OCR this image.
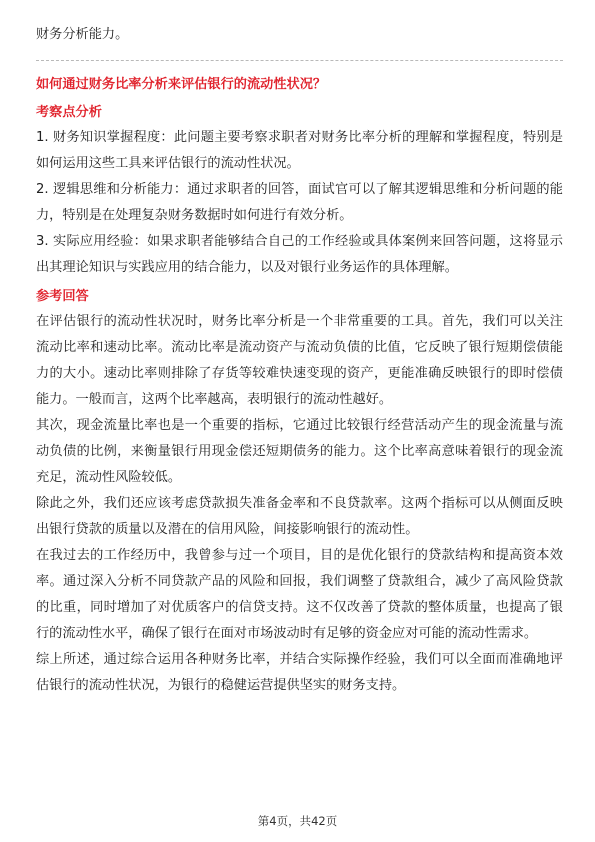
财务分析能力。

如何通过财务比率分析来评估银行的流动性状况？

考察点分析

1. 财务知识掌握程度：此问题主要考察求职者对财务比率分析的理解和掌握程度，特别是如何运用这些工具来评估银行的流动性状况。

2. 逻辑思维和分析能力：通过求职者的回答，面试官可以了解其逻辑思维和分析问题的能力，特别是在处理复杂财务数据时如何进行有效分析。

3. 实际应用经验：如果求职者能够结合自己的工作经验或具体案例来回答问题，这将显示出其理论知识与实践应用的结合能力，以及对银行业务运作的具体理解。

参考回答

在评估银行的流动性状况时，财务比率分析是一个非常重要的工具。首先，我们可以关注流动比率和速动比率。流动比率是流动资产与流动负债的比值，它反映了银行短期偿债能力的大小。速动比率则排除了存货等较难快速变现的资产，更能准确反映银行的即时偿债能力。一般而言，这两个比率越高，表明银行的流动性越好。

其次，现金流量比率也是一个重要的指标，它通过比较银行经营活动产生的现金流量与流动负债的比例，来衡量银行用现金偿还短期债务的能力。这个比率高意味着银行的现金流充足，流动性风险较低。

除此之外，我们还应该考虑贷款损失准备金率和不良贷款率。这两个指标可以从侧面反映出银行贷款的质量以及潜在的信用风险，间接影响银行的流动性。

在我过去的工作经历中，我曾参与过一个项目，目的是优化银行的贷款结构和提高资本效率。通过深入分析不同贷款产品的风险和回报，我们调整了贷款组合，减少了高风险贷款的比重，同时增加了对优质客户的信贷支持。这不仅改善了贷款的整体质量，也提高了银行的流动性水平，确保了银行在面对市场波动时有足够的资金应对可能的流动性需求。

综上所述，通过综合运用各种财务比率，并结合实际操作经验，我们可以全面而准确地评估银行的流动性状况，为银行的稳健运营提供坚实的财务支持。

第4页，共42页
